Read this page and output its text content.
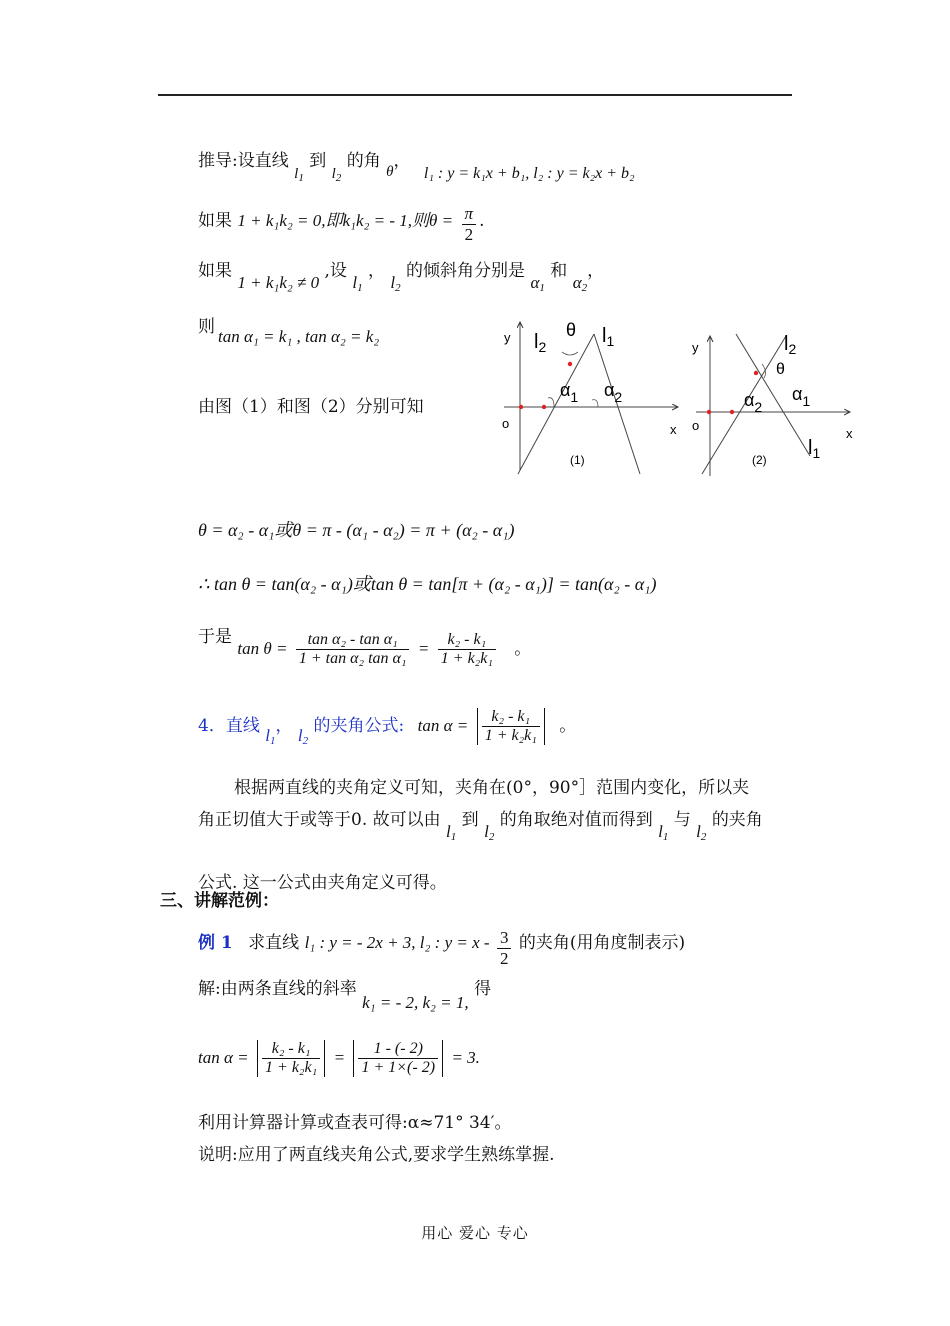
推导:设直线 $l_1$ 到 $l_2$ 的角 θ， l₁ : y = k₁x + b₁, l₂ : y = k₂x + b₂
如果 1 + k₁k₂ = 0,即k₁k₂ = - 1,则$\theta = \frac{\pi}{2}$ .
如果 1 + k₁k₂ ≠ 0 ,设 $l_1$ ， $l_2$ 的倾斜角分别是 $\alpha_1$ 和 $\alpha_2$，
则 tan α₁ = k₁ , tan α₂ = k₂
由图（1）和图（2）分别可知
y $l_2$
θ $l_1$
$\alpha_1$ $\alpha_2$
o	x
(1)
y	$l_2$
θ
$\alpha_2$
$\alpha_1$
o
x
$l_1$
(2)
θ = α₂ - α₁或θ = π - (α₁ - α₂) = π + (α₂ - α₁)
∴ tan θ = tan(α₂ - α₁)或tan θ = tan[π + (α₂ - α₁)] = tan(α₂ - α₁)
于是 $\tan \theta = \frac{\text{tan α₂ - tan α₁}}{\text{1 + tan α₂ tan α₁}} = \frac{\text{k₂ - k₁}}{\text{1 + k₂k₁}}$ 。
4．直线 $l_1$， $l_2$ 的夹角公式: $\tan \alpha = \frac{\text{k₂ - k₁}}{\text{1 + k₂k₁}}$ 。
根据两直线的夹角定义可知，夹角在(0°，90°］范围内变化，所以夹
角正切值大于或等于0. 故可以由 $l_1$ 到 $l_2$ 的角取绝对值而得到 $l_1$ 与 $l_2$ 的夹角
公式. 这一公式由夹角定义可得。
三、讲解范例：
例 1 求直线 l₁ : y = - 2x + 3, l₂ : $y = x - \frac{3}{2}$ 的夹角(用角度制表示)
解:由两条直线的斜率 k₁ = - 2, k₂ = 1, 得
$\tan \alpha = \frac{\text{k₂ - k₁}}{\text{1 + k₂k₁}} = \frac{1 - (- 2)}{1 + 1\times(- 2)} = 3$.
利用计算器计算或查表可得:α≈71° 34′。
说明:应用了两直线夹角公式,要求学生熟练掌握.
用心 爱心 专心
